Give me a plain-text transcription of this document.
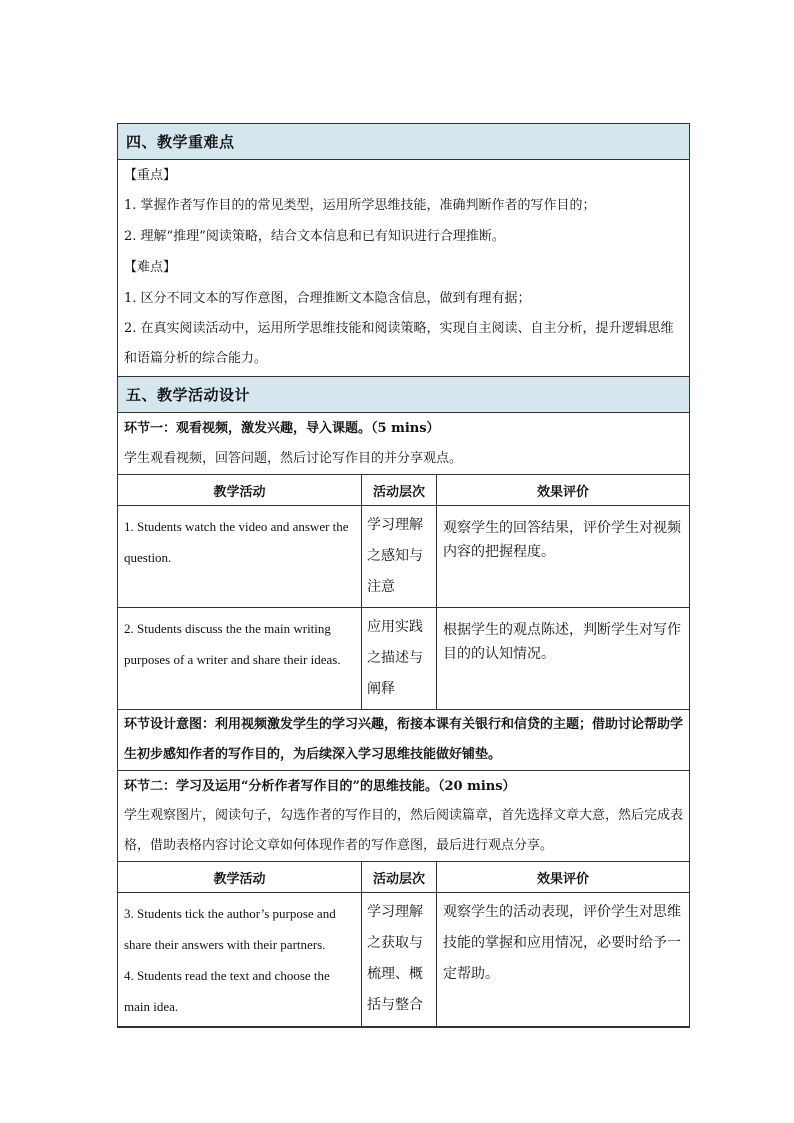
四、教学重难点
【重点】
1. 掌握作者写作目的的常见类型，运用所学思维技能，准确判断作者的写作目的；
2. 理解“推理”阅读策略，结合文本信息和已有知识进行合理推断。
【难点】
1. 区分不同文本的写作意图，合理推断文本隐含信息，做到有理有据；
2. 在真实阅读活动中，运用所学思维技能和阅读策略，实现自主阅读、自主分析，提升逻辑思维和语篇分析的综合能力。
五、教学活动设计
环节一：观看视频，激发兴趣，导入课题。（5 mins）
学生观看视频，回答问题，然后讨论写作目的并分享观点。
教学活动	活动层次	效果评价

1. Students watch the video and answer the question.	学习理解之感知与注意	观察学生的回答结果，评价学生对视频内容的把握程度。

2. Students discuss the the main writing purposes of a writer and share their ideas.	应用实践之描述与阐释	根据学生的观点陈述，判断学生对写作目的的认知情况。
环节设计意图：利用视频激发学生的学习兴趣，衔接本课有关银行和信贷的主题；借助讨论帮助学生初步感知作者的写作目的，为后续深入学习思维技能做好铺垫。
环节二：学习及运用“分析作者写作目的”的思维技能。（20 mins）
学生观察图片，阅读句子，勾选作者的写作目的，然后阅读篇章，首先选择文章大意，然后完成表格，借助表格内容讨论文章如何体现作者的写作意图，最后进行观点分享。
教学活动	活动层次	效果评价

3. Students tick the author’s purpose and share their answers with their partners.
4. Students read the text and choose the main idea.	学习理解之获取与梳理、概括与整合	观察学生的活动表现，评价学生对思维技能的掌握和应用情况，必要时给予一定帮助。
